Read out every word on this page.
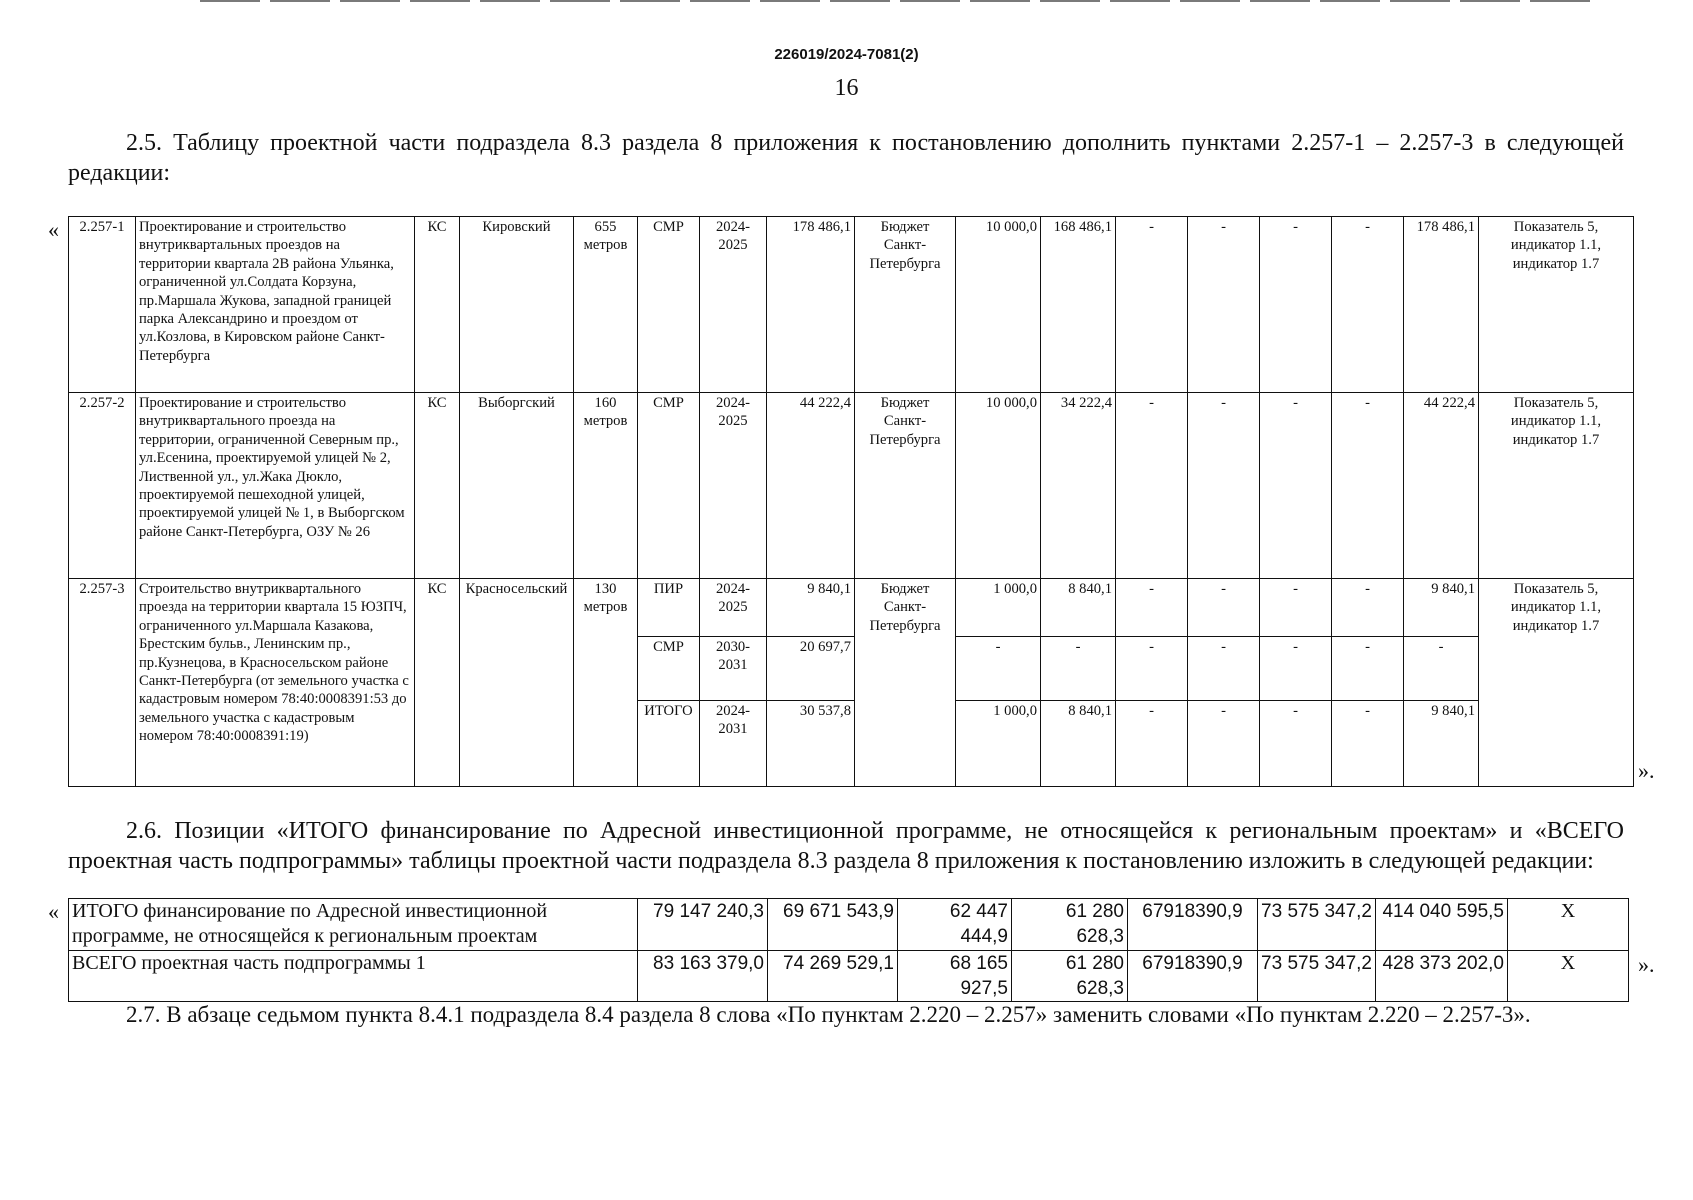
226019/2024-7081(2)
16
2.5. Таблицу проектной части подраздела 8.3 раздела 8 приложения к постановлению дополнить пунктами 2.257-1 – 2.257-3 в следующей редакции:
« 2.257-1	Проектирование и строительство внутриквартальных проездов на территории квартала 2В района Ульянка, ограниченной ул.Солдата Корзуна, пр.Маршала Жукова, западной границей парка Александрино и проездом от ул.Козлова, в Кировском районе Санкт-Петербурга	КС	Кировский	655 метров	СМР	2024-2025	178 486,1	Бюджет Санкт-Петербурга	10 000,0	168 486,1	-	-	-	-	178 486,1	Показатель 5, индикатор 1.1, индикатор 1.7
2.257-2	Проектирование и строительство внутриквартального проезда на территории, ограниченной Северным пр., ул.Есенина, проектируемой улицей № 2, Лиственной ул., ул.Жака Дюкло, проектируемой пешеходной улицей, проектируемой улицей № 1, в Выборгском районе Санкт-Петербурга, ОЗУ № 26	КС	Выборгский	160 метров	СМР	2024-2025	44 222,4	Бюджет Санкт-Петербурга	10 000,0	34 222,4	-	-	-	-	44 222,4	Показатель 5, индикатор 1.1, индикатор 1.7
2.257-3	Строительство внутриквартального проезда на территории квартала 15 ЮЗПЧ, ограниченного ул.Маршала Казакова, Брестским бульв., Ленинским пр., пр.Кузнецова, в Красносельском районе Санкт-Петербурга (от земельного участка с кадастровым номером 78:40:0008391:53 до земельного участка с кадастровым номером 78:40:0008391:19)	КС	Красносельский	130 метров	ПИР	2024-2025	9 840,1	Бюджет Санкт-Петербурга	1 000,0	8 840,1	-	-	-	-	9 840,1	Показатель 5, индикатор 1.1, индикатор 1.7
					СМР	2030-2031	20 697,7		-	-	-	-	-	-	-	
					ИТОГО	2024-2031	30 537,8		1 000,0	8 840,1	-	-	-	-	9 840,1	
».
2.6. Позиции «ИТОГО финансирование по Адресной инвестиционной программе, не относящейся к региональным проектам» и «ВСЕГО проектная часть подпрограммы» таблицы проектной части подраздела 8.3 раздела 8 приложения к постановлению изложить в следующей редакции:
« ИТОГО финансирование по Адресной инвестиционной программе, не относящейся к региональным проектам	79 147 240,3	69 671 543,9	62 447 444,9	61 280 628,3	67918390,9	73 575 347,2	414 040 595,5	Х
ВСЕГО проектная часть подпрограммы 1	83 163 379,0	74 269 529,1	68 165 927,5	61 280 628,3	67918390,9	73 575 347,2	428 373 202,0	Х	».
2.7. В абзаце седьмом пункта 8.4.1 подраздела 8.4 раздела 8 слова «По пунктам 2.220 – 2.257» заменить словами «По пунктам 2.220 – 2.257-3».
